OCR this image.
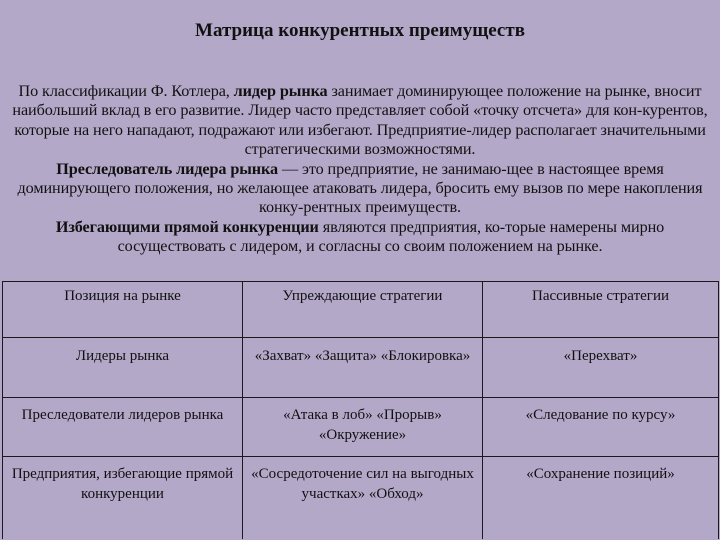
Матрица конкурентных преимуществ

По классификации Ф. Котлера, лидер рынка занимает доминирующее положение на рынке, вносит наибольший вклад в его развитие. Лидер часто представляет собой «точку отсчета» для кон-курентов, которые на него нападают, подражают или избегают. Предприятие-лидер располагает значительными стратегическими возможностями.

Преследователь лидера рынка — это предприятие, не занимаю-щее в настоящее время доминирующего положения, но желающее атаковать лидера, бросить ему вызов по мере накопления конку-рентных преимуществ.

Избегающими прямой конкуренции являются предприятия, ко-торые намерены мирно сосуществовать с лидером, и согласны со своим положением на рынке.

Позиция на рынке	Упреждающие стратегии	Пассивные стратегии
Лидеры рынка	«Захват» «Защита» «Блокировка»	«Перехват»
Преследователи лидеров рынка	«Атака в лоб» «Прорыв» «Окружение»	«Следование по курсу»
Предприятия, избегающие прямой конкуренции	«Сосредоточение сил на выгодных участках» «Обход»	«Сохранение позиций»
